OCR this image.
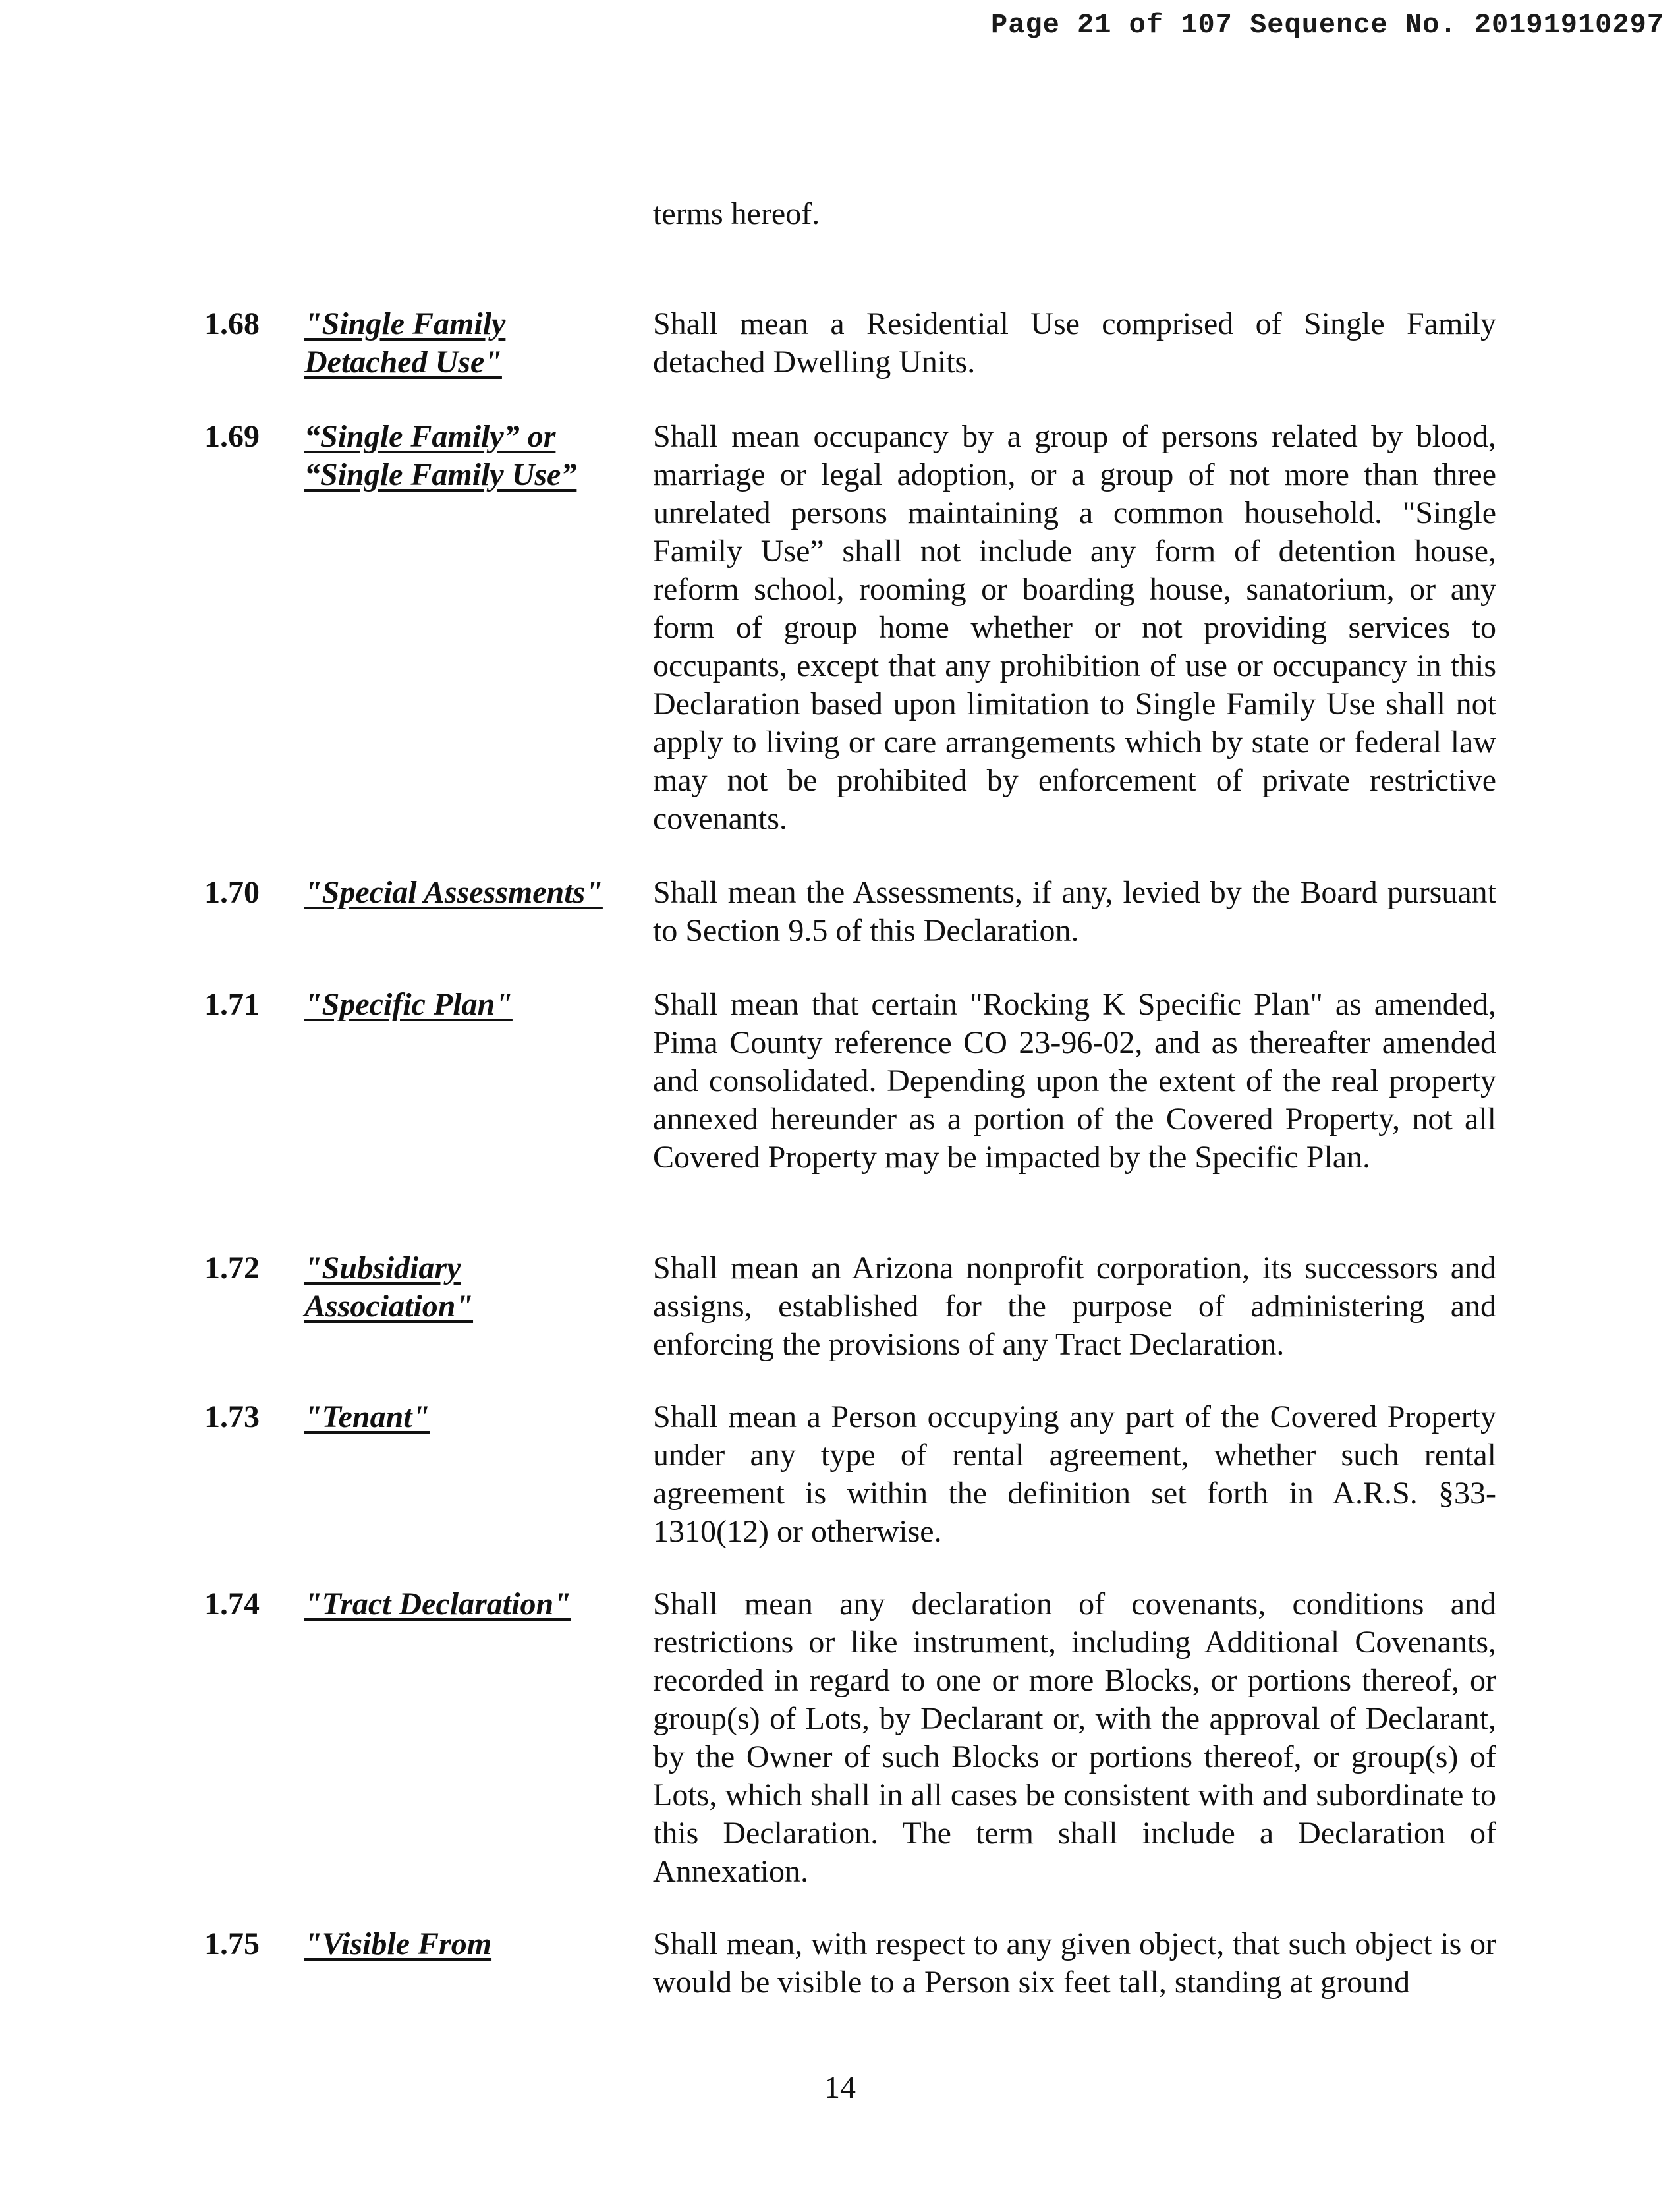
Page 21 of 107 Sequence No. 20191910297
terms hereof.
1.68 "Single Family Detached Use"
Shall mean a Residential Use comprised of Single Family detached Dwelling Units.
1.69 “Single Family” or “Single Family Use”
Shall mean occupancy by a group of persons related by blood, marriage or legal adoption, or a group of not more than three unrelated persons maintaining a common household. "Single Family Use” shall not include any form of detention house, reform school, rooming or boarding house, sanatorium, or any form of group home whether or not providing services to occupants, except that any prohibition of use or occupancy in this Declaration based upon limitation to Single Family Use shall not apply to living or care arrangements which by state or federal law may not be prohibited by enforcement of private restrictive covenants.
1.70 "Special Assessments"	Shall mean the Assessments, if any, levied by the Board pursuant to Section 9.5 of this Declaration.
1.71 "Specific Plan"	Shall mean that certain "Rocking K Specific Plan" as amended, Pima County reference CO 23-96-02, and as thereafter amended and consolidated. Depending upon the extent of the real property annexed hereunder as a portion of the Covered Property, not all Covered Property may be impacted by the Specific Plan.
1.72 "Subsidiary Association"
Shall mean an Arizona nonprofit corporation, its successors and assigns, established for the purpose of administering and enforcing the provisions of any Tract Declaration.
1.73 "Tenant"	Shall mean a Person occupying any part of the Covered Property under any type of rental agreement, whether such rental agreement is within the definition set forth in A.R.S. §33-1310(12) or otherwise.
1.74 "Tract Declaration"	Shall mean any declaration of covenants, conditions and restrictions or like instrument, including Additional Covenants, recorded in regard to one or more Blocks, or portions thereof, or group(s) of Lots, by Declarant or, with the approval of Declarant, by the Owner of such Blocks or portions thereof, or group(s) of Lots, which shall in all cases be consistent with and subordinate to this Declaration. The term shall include a Declaration of Annexation.
1.75 "Visible From	Shall mean, with respect to any given object, that such object is or would be visible to a Person six feet tall, standing at ground
14
